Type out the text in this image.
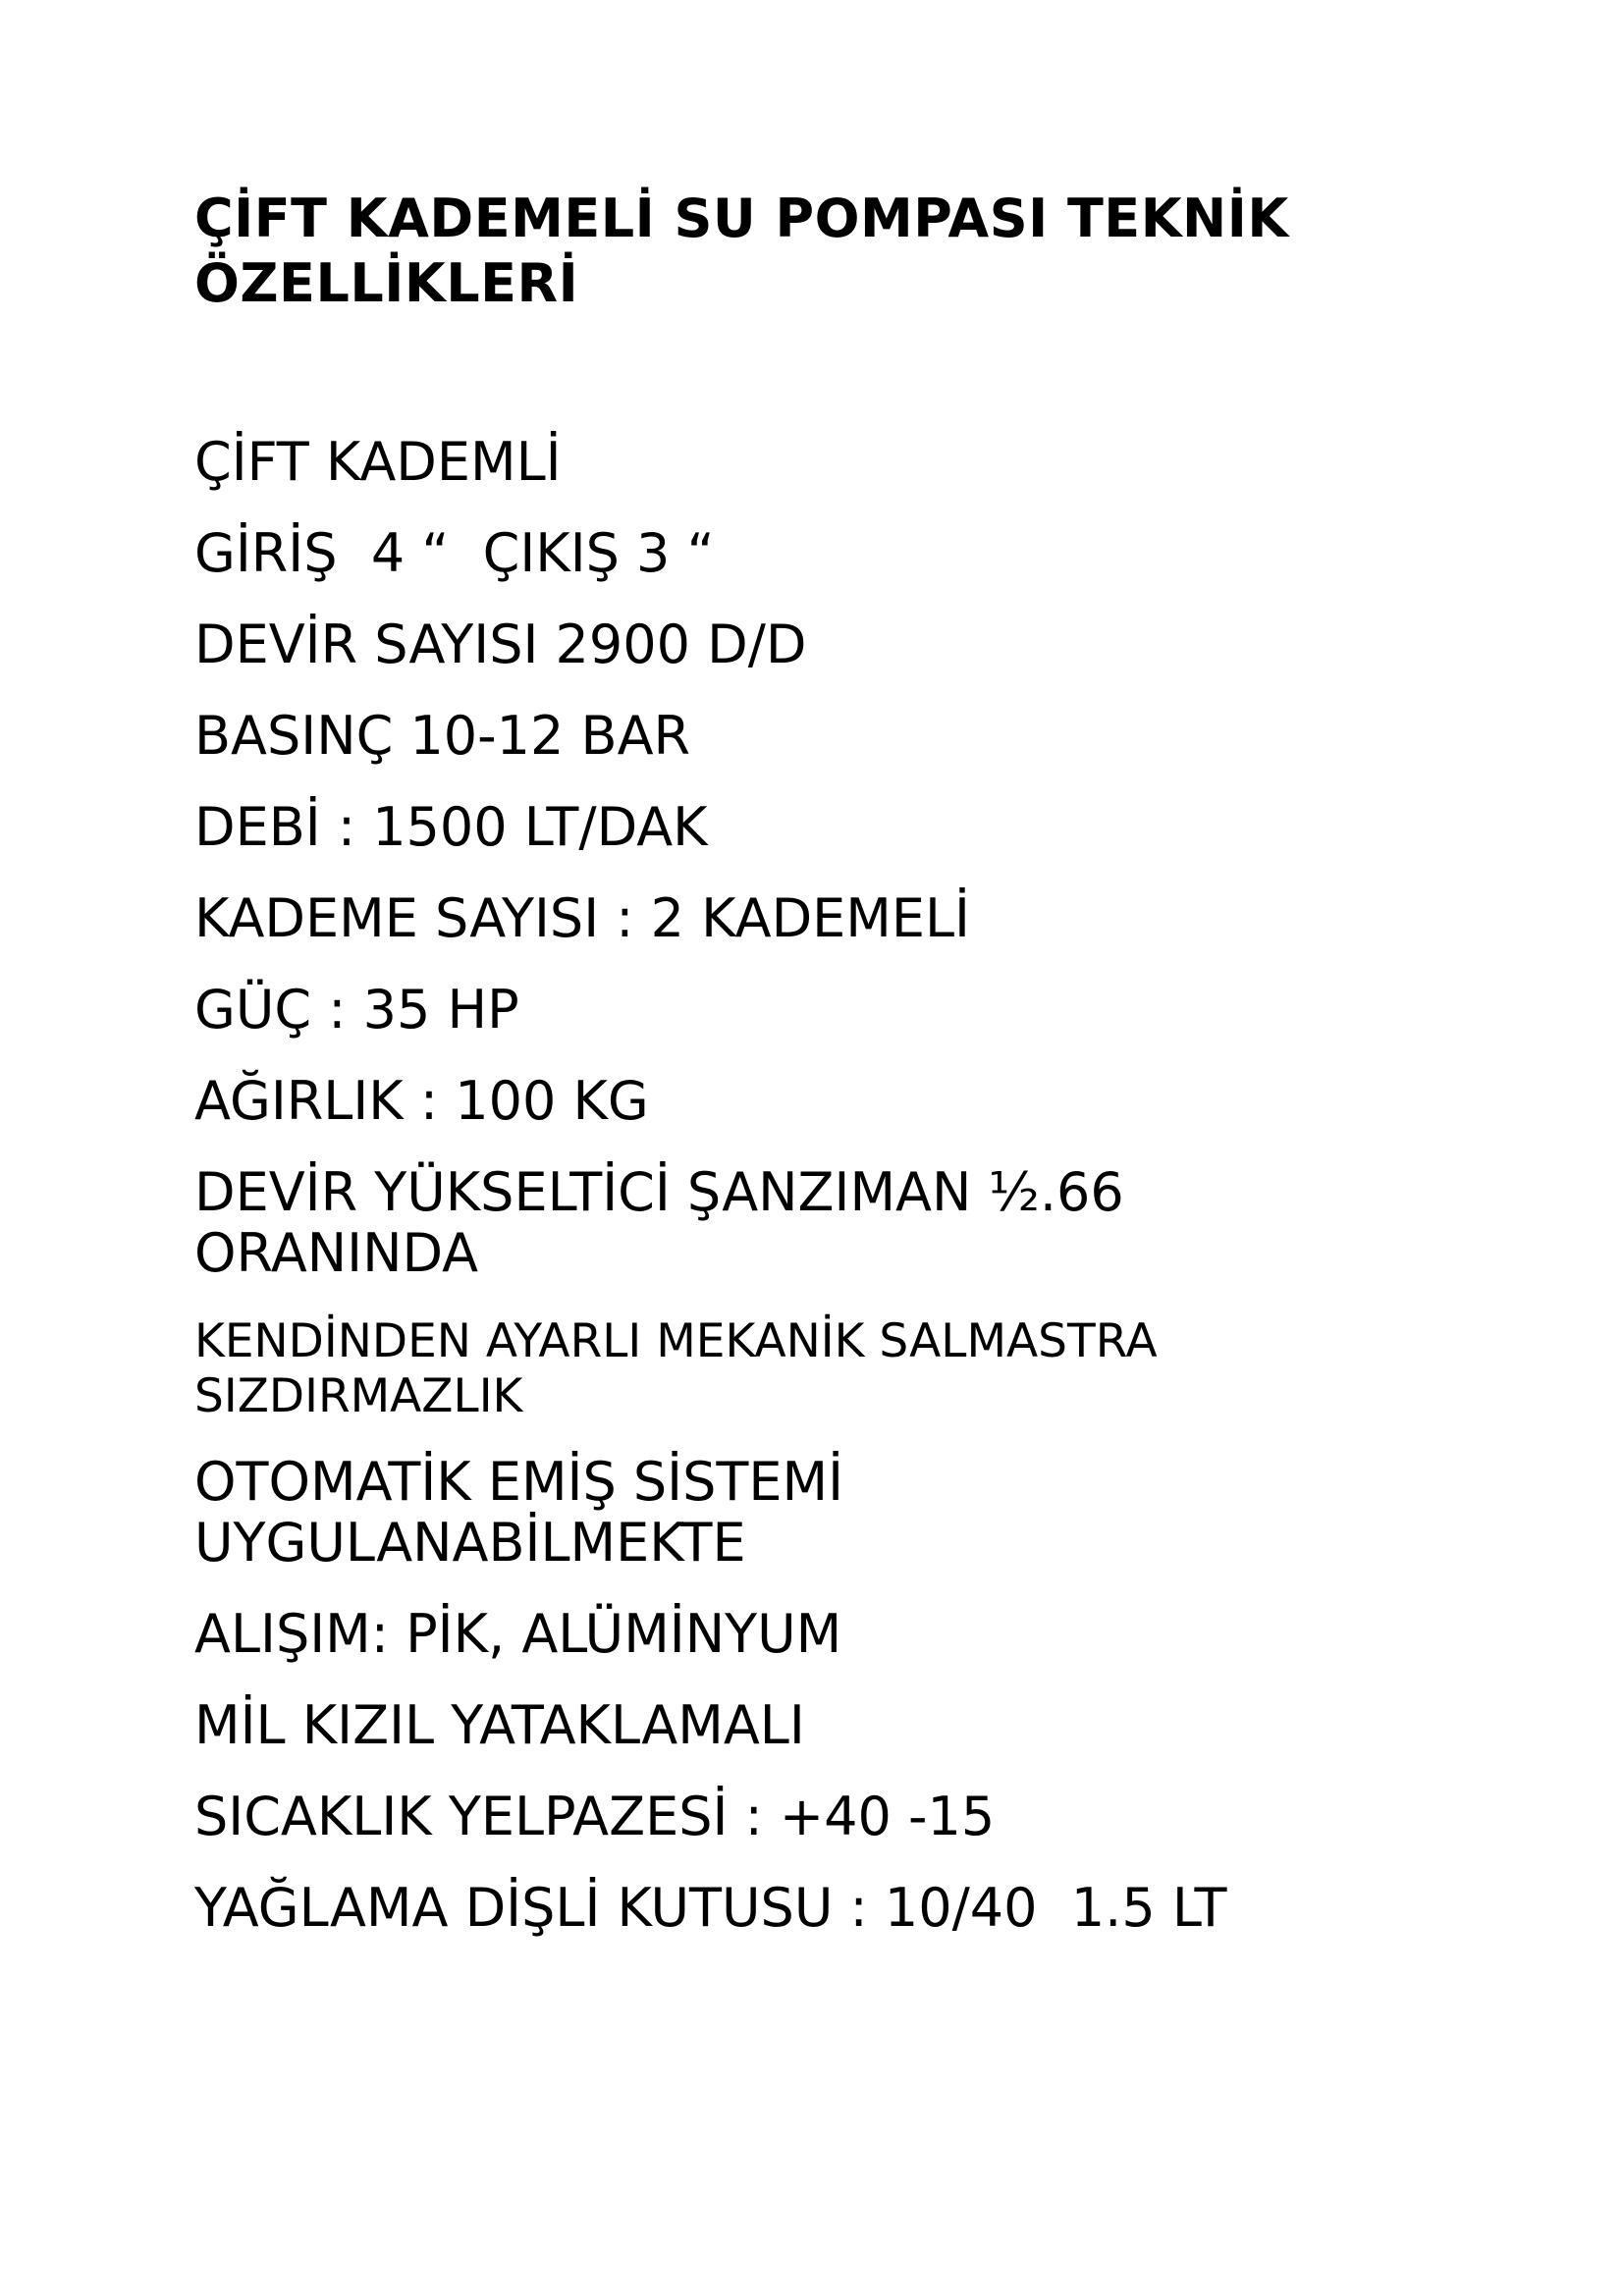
ÇİFT KADEMELİ SU POMPASI TEKNİK ÖZELLİKLERİ
ÇİFT KADEMLİ
GİRİŞ  4 “  ÇIKIŞ 3 “
DEVİR SAYISI 2900 D/D
BASINÇ 10-12 BAR
DEBİ : 1500 LT/DAK
KADEME SAYISI : 2 KADEMELİ
GÜÇ : 35 HP
AĞIRLIK : 100 KG
DEVİR YÜKSELTİCİ ŞANZIMAN ½.66 ORANINDA
KENDİNDEN AYARLI MEKANİK SALMASTRA SIZDIRMAZLIK
OTOMATİK EMİŞ SİSTEMİ UYGULANABİLMEKTE
ALIŞIM: PİK, ALÜMİNYUM
MİL KIZIL YATAKLAMALI
SICAKLIK YELPAZESİ : +40 -15
YAĞLAMA DİŞLİ KUTUSU : 10/40  1.5 LT
